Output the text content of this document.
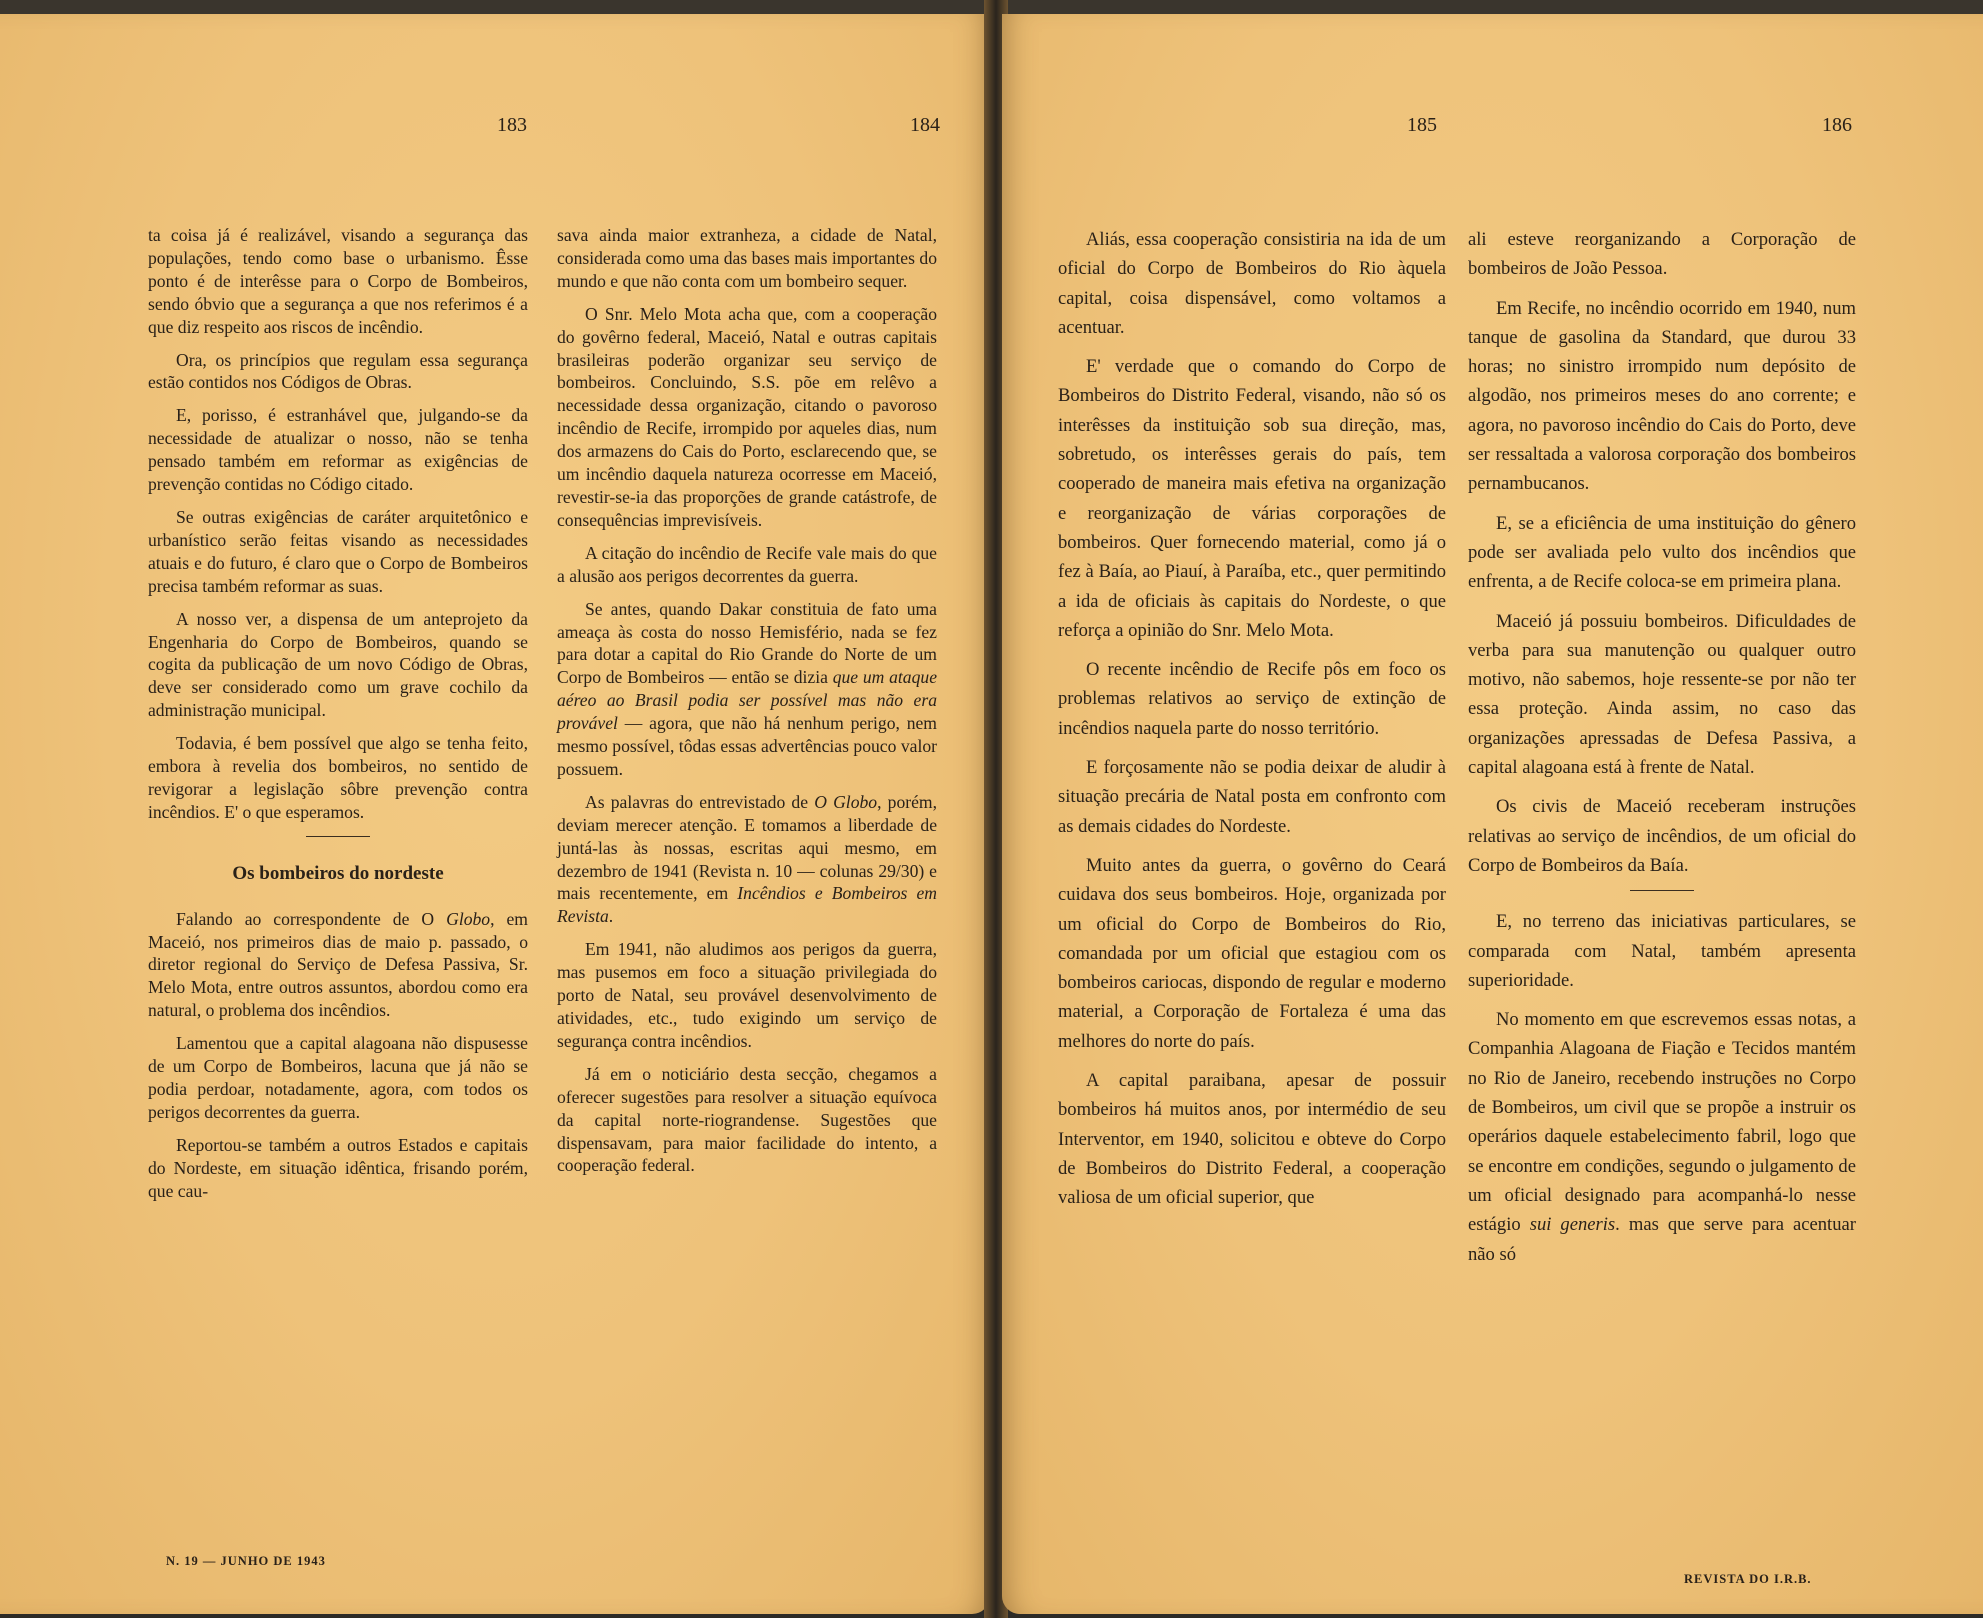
183	184

ta coisa já é realizável, visando a segurança das populações, tendo como base o urbanismo. Êsse ponto é de interêsse para o Corpo de Bombeiros, sendo óbvio que a segurança a que nos referimos é a que diz respeito aos riscos de incêndio.

Ora, os princípios que regulam essa segurança estão contidos nos Códigos de Obras.

E, porisso, é estranhável que, julgando-se da necessidade de atualizar o nosso, não se tenha pensado também em reformar as exigências de prevenção contidas no Código citado.

Se outras exigências de caráter arquitetônico e urbanístico serão feitas visando as necessidades atuais e do futuro, é claro que o Corpo de Bombeiros precisa também reformar as suas.

A nosso ver, a dispensa de um anteprojeto da Engenharia do Corpo de Bombeiros, quando se cogita da publicação de um novo Código de Obras, deve ser considerado como um grave cochilo da administração municipal.

Todavia, é bem possível que algo se tenha feito, embora à revelia dos bombeiros, no sentido de revigorar a legislação sôbre prevenção contra incêndios. E' o que esperamos.

Os bombeiros do nordeste

Falando ao correspondente de O Globo, em Maceió, nos primeiros dias de maio p. passado, o diretor regional do Serviço de Defesa Passiva, Sr. Melo Mota, entre outros assuntos, abordou como era natural, o problema dos incêndios.

Lamentou que a capital alagoana não dispusesse de um Corpo de Bombeiros, lacuna que já não se podia perdoar, notadamente, agora, com todos os perigos decorrentes da guerra.

Reportou-se também a outros Estados e capitais do Nordeste, em situação idêntica, frisando porém, que cau-

sava ainda maior extranheza, a cidade de Natal, considerada como uma das bases mais importantes do mundo e que não conta com um bombeiro sequer.

O Snr. Melo Mota acha que, com a cooperação do govêrno federal, Maceió, Natal e outras capitais brasileiras poderão organizar seu serviço de bombeiros. Concluindo, S.S. põe em relêvo a necessidade dessa organização, citando o pavoroso incêndio de Recife, irrompido por aqueles dias, num dos armazens do Cais do Porto, esclarecendo que, se um incêndio daquela natureza ocorresse em Maceió, revestir-se-ia das proporções de grande catástrofe, de consequências imprevisíveis.

A citação do incêndio de Recife vale mais do que a alusão aos perigos decorrentes da guerra.

Se antes, quando Dakar constituia de fato uma ameaça às costa do nosso Hemisfério, nada se fez para dotar a capital do Rio Grande do Norte de um Corpo de Bombeiros — então se dizia que um ataque aéreo ao Brasil podia ser possível mas não era provável — agora, que não há nenhum perigo, nem mesmo possível, tôdas essas advertências pouco valor possuem.

As palavras do entrevistado de O Globo, porém, deviam merecer atenção. E tomamos a liberdade de juntá-las às nossas, escritas aqui mesmo, em dezembro de 1941 (Revista n. 10 — colunas 29/30) e mais recentemente, em Incêndios e Bombeiros em Revista.

Em 1941, não aludimos aos perigos da guerra, mas pusemos em foco a situação privilegiada do porto de Natal, seu provável desenvolvimento de atividades, etc., tudo exigindo um serviço de segurança contra incêndios.

Já em o noticiário desta secção, chegamos a oferecer sugestões para resolver a situação equívoca da capital norte-riograndense. Sugestões que dispensavam, para maior facilidade do intento, a cooperação federal.

N. 19 — JUNHO DE 1943
185	186

Aliás, essa cooperação consistiria na ida de um oficial do Corpo de Bombeiros do Rio àquela capital, coisa dispensável, como voltamos a acentuar.

E' verdade que o comando do Corpo de Bombeiros do Distrito Federal, visando, não só os interêsses da instituição sob sua direção, mas, sobretudo, os interêsses gerais do país, tem cooperado de maneira mais efetiva na organização e reorganização de várias corporações de bombeiros. Quer fornecendo material, como já o fez à Baía, ao Piauí, à Paraíba, etc., quer permitindo a ida de oficiais às capitais do Nordeste, o que reforça a opinião do Snr. Melo Mota.

O recente incêndio de Recife pôs em foco os problemas relativos ao serviço de extinção de incêndios naquela parte do nosso território.

E forçosamente não se podia deixar de aludir à situação precária de Natal posta em confronto com as demais cidades do Nordeste.

Muito antes da guerra, o govêrno do Ceará cuidava dos seus bombeiros. Hoje, organizada por um oficial do Corpo de Bombeiros do Rio, comandada por um oficial que estagiou com os bombeiros cariocas, dispondo de regular e moderno material, a Corporação de Fortaleza é uma das melhores do norte do país.

A capital paraibana, apesar de possuir bombeiros há muitos anos, por intermédio de seu Interventor, em 1940, solicitou e obteve do Corpo de Bombeiros do Distrito Federal, a cooperação valiosa de um oficial superior, que

ali esteve reorganizando a Corporação de bombeiros de João Pessoa.

Em Recife, no incêndio ocorrido em 1940, num tanque de gasolina da Standard, que durou 33 horas; no sinistro irrompido num depósito de algodão, nos primeiros meses do ano corrente; e agora, no pavoroso incêndio do Cais do Porto, deve ser ressaltada a valorosa corporação dos bombeiros pernambucanos.

E, se a eficiência de uma instituição do gênero pode ser avaliada pelo vulto dos incêndios que enfrenta, a de Recife coloca-se em primeira plana.

Maceió já possuiu bombeiros. Dificuldades de verba para sua manutenção ou qualquer outro motivo, não sabemos, hoje ressente-se por não ter essa proteção. Ainda assim, no caso das organizações apressadas de Defesa Passiva, a capital alagoana está à frente de Natal.

Os civis de Maceió receberam instruções relativas ao serviço de incêndios, de um oficial do Corpo de Bombeiros da Baía.

E, no terreno das iniciativas particulares, se comparada com Natal, também apresenta superioridade.

No momento em que escrevemos essas notas, a Companhia Alagoana de Fiação e Tecidos mantém no Rio de Janeiro, recebendo instruções no Corpo de Bombeiros, um civil que se propõe a instruir os operários daquele estabelecimento fabril, logo que se encontre em condições, segundo o julgamento de um oficial designado para acompanhá-lo nesse estágio sui generis. mas que serve para acentuar não só

REVISTA DO I.R.B.
